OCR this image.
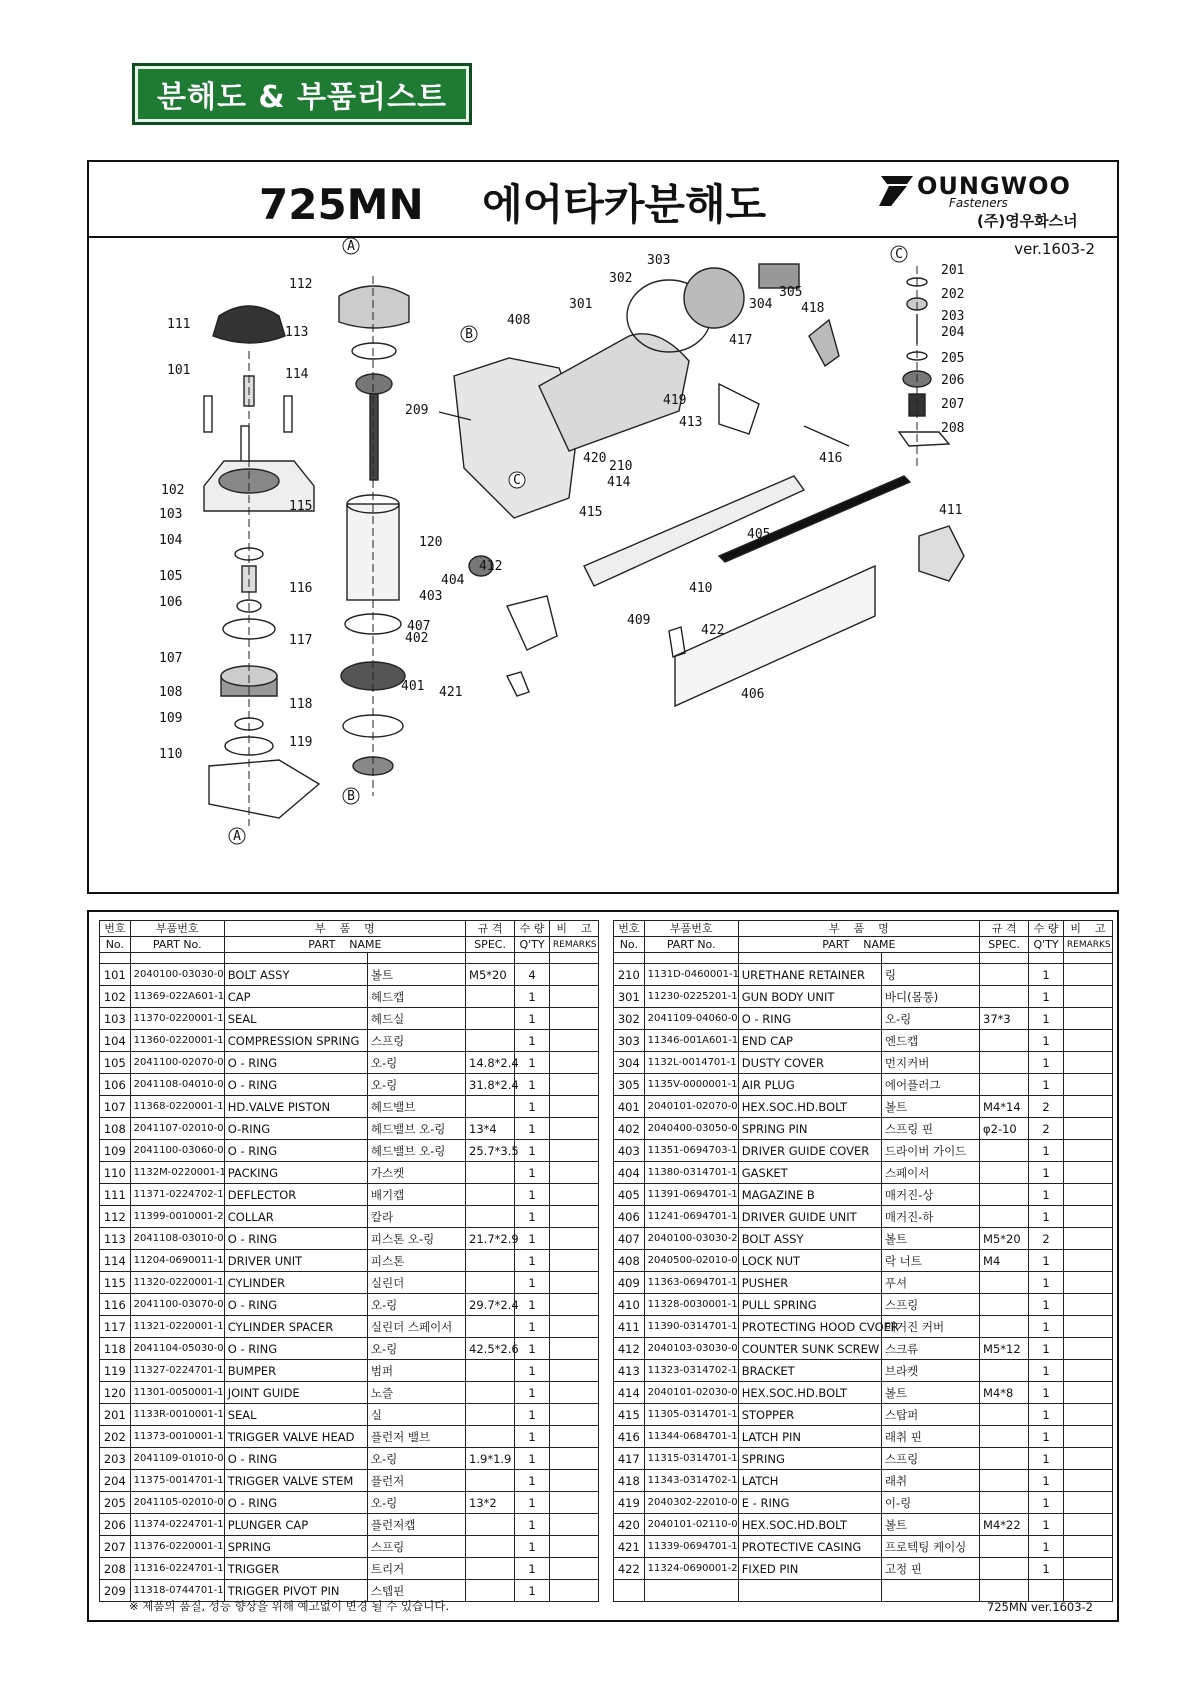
분해도 & 부품리스트
725MN    에어타카분해도	OUNGWOO
Fasteners
(주)영우화스너
ver.1603-2
A
A
B
B
C
C
111
112
113
114
101
209
102
103
104
105
106
107
108
109
110
115
116
117
118
119
120
301
302
303
304
305
408
417
418
419
413
416
420
210
414
415
405
412
404
403
407
402
401 421
410
409
422
406
411
201
202
203
204
205
206
207
208
번호	부품번호	부    품    명		규 격	수 량	비    고
No.	PART No.	PART    NAME		SPEC.	Q'TY	REMARKS

101	2040100-03030-0	BOLT ASSY	볼트	M5*20	4	
102	11369-022A601-1	CAP	헤드캡		1	
103	11370-0220001-1	SEAL	헤드실		1	
104	11360-0220001-1	COMPRESSION SPRING	스프링		1	
105	2041100-02070-0	O - RING	오-링	14.8*2.4	1	
106	2041108-04010-0	O - RING	오-링	31.8*2.4	1	
107	11368-0220001-1	HD.VALVE PISTON	헤드밸브		1	
108	2041107-02010-0	O-RING	헤드밸브 오-링	13*4	1	
109	2041100-03060-0	O - RING	헤드밸브 오-링	25.7*3.5	1	
110	1132M-0220001-1	PACKING	가스켓		1	
111	11371-0224702-1	DEFLECTOR	배기캡		1	
112	11399-0010001-2	COLLAR	칼라		1	
113	2041108-03010-0	O - RING	피스톤 오-링	21.7*2.9	1	
114	11204-0690011-1	DRIVER UNIT	피스톤		1	
115	11320-0220001-1	CYLINDER	실린더		1	
116	2041100-03070-0	O - RING	오-링	29.7*2.4	1	
117	11321-0220001-1	CYLINDER SPACER	실린더 스페이서		1	
118	2041104-05030-0	O - RING	오-링	42.5*2.6	1	
119	11327-0224701-1	BUMPER	범퍼		1	
120	11301-0050001-1	JOINT GUIDE	노즐		1	
201	1133R-0010001-1	SEAL	실		1	
202	11373-0010001-1	TRIGGER VALVE HEAD	플런저 밸브		1	
203	2041109-01010-0	O - RING	오-링	1.9*1.9	1	
204	11375-0014701-1	TRIGGER VALVE STEM	플런저		1	
205	2041105-02010-0	O - RING	오-링	13*2	1	
206	11374-0224701-1	PLUNGER CAP	플런저캡		1	
207	11376-0220001-1	SPRING	스프링		1	
208	11316-0224701-1	TRIGGER	트리거		1	
209	11318-0744701-1	TRIGGER PIVOT PIN	스텝핀		1	
번호	부품번호	부    품    명		규 격	수 량	비    고
No.	PART No.	PART    NAME		SPEC.	Q'TY	REMARKS

210	1131D-0460001-1	URETHANE RETAINER	링		1	
301	11230-0225201-1	GUN BODY UNIT	바디(몸통)		1	
302	2041109-04060-0	O - RING	오-링	37*3	1	
303	11346-001A601-1	END CAP	엔드캡		1	
304	1132L-0014701-1	DUSTY COVER	먼지커버		1	
305	1135V-0000001-1	AIR PLUG	에어플러그		1	
401	2040101-02070-0	HEX.SOC.HD.BOLT	볼트	M4*14	2	
402	2040400-03050-0	SPRING PIN	스프링 핀	φ2-10	2	
403	11351-0694703-1	DRIVER GUIDE COVER	드라이버 가이드		1	
404	11380-0314701-1	GASKET	스페이서		1	
405	11391-0694701-1	MAGAZINE B	매거진-상		1	
406	11241-0694701-1	DRIVER GUIDE UNIT	매거진-하		1	
407	2040100-03030-2	BOLT ASSY	볼트	M5*20	2	
408	2040500-02010-0	LOCK NUT	락 너트	M4	1	
409	11363-0694701-1	PUSHER	푸셔		1	
410	11328-0030001-1	PULL SPRING	스프링		1	
411	11390-0314701-1	PROTECTING HOOD CVOER	매거진 커버		1	
412	2040103-03030-0	COUNTER SUNK SCREW	스크류	M5*12	1	
413	11323-0314702-1	BRACKET	브라켓		1	
414	2040101-02030-0	HEX.SOC.HD.BOLT	볼트	M4*8	1	
415	11305-0314701-1	STOPPER	스탑퍼		1	
416	11344-0684701-1	LATCH PIN	래취 핀		1	
417	11315-0314701-1	SPRING	스프링		1	
418	11343-0314702-1	LATCH	래취		1	
419	2040302-22010-0	E - RING	이-링		1	
420	2040101-02110-0	HEX.SOC.HD.BOLT	볼트	M4*22	1	
421	11339-0694701-1	PROTECTIVE CASING	프로텍팅 케이싱		1	
422	11324-0690001-2	FIXED PIN	고정 핀		1	

※ 제품의 품질, 성능 향상을 위해 예고없이 변경 될 수 있습니다.	725MN ver.1603-2
